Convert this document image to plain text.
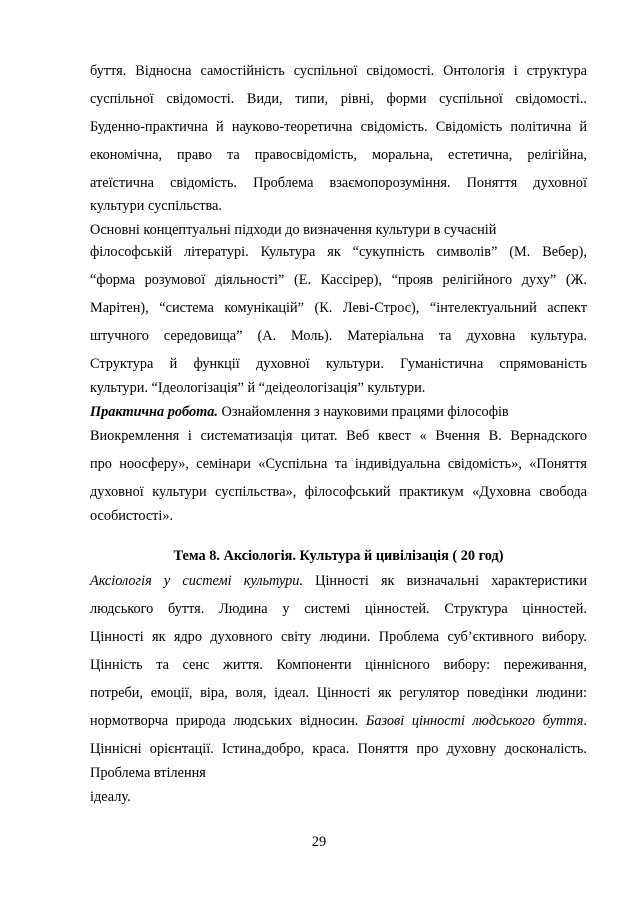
буття. Відносна самостійність суспільної свідомості. Онтологія і структура
суспільної свідомості. Види, типи, рівні, форми суспільної свідомості..
Буденно-практична й науково-теоретична свідомість. Свідомість політична й
економічна, право та правосвідомість, моральна, естетична, релігійна,
атеїстична свідомість. Проблема взаємопорозуміння. Поняття духовної
культури суспільства.
Основні концептуальні підходи до визначення культури в сучасній
філософській літературі. Культура як “сукупність символів” (М. Вебер),
“форма розумової діяльності” (Е. Кассірер), “прояв релігійного духу” (Ж.
Марітен), “система комунікацій” (К. Леві-Строс), “інтелектуальний аспект
штучного середовища” (А. Моль). Матеріальна та духовна культура.
Структура й функції духовної культури. Гуманістична спрямованість
культури. “Ідеологізація” й “деідеологізація” культури.
Практична робота. Ознайомлення з науковими працями філософів
Виокремлення і систематизація цитат. Веб квест « Вчення В. Вернадского
про ноосферу», семінари «Суспільна та індивідуальна свідомість», «Поняття
духовної культури суспільства», філософський практикум «Духовна свобода
особистості».
Тема 8. Аксіологія. Культура й цивілізація ( 20 год)
Аксіологія у системі культури. Цінності як визначальні характеристики
людського буття. Людина у системі цінностей. Структура цінностей.
Цінності як ядро духовного світу людини. Проблема суб’єктивного вибору.
Цінність та сенс життя. Компоненти ціннісного вибору: переживання,
потреби, емоції, віра, воля, ідеал. Цінності як регулятор поведінки людини:
нормотворча природа людських відносин. Базові цінності людського буття.
Ціннісні орієнтації. Істина,добро, краса. Поняття про духовну досконалість.
Проблема втілення
ідеалу.
29
